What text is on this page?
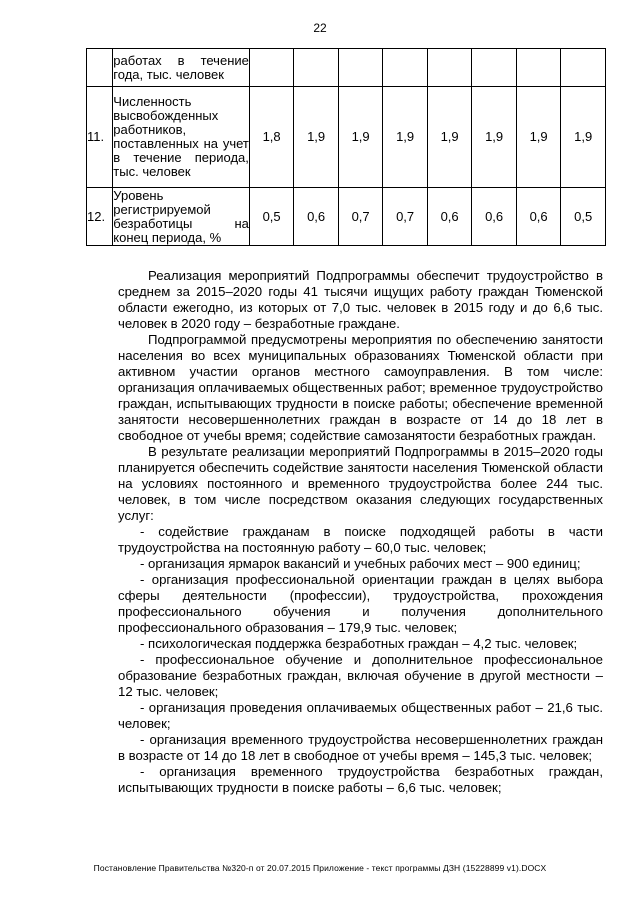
22

	работах в течение года, тыс. человек								

11.	Численность высвобожденных работников, поставленных на учет в течение периода, тыс. человек	1,8	1,9	1,9	1,9	1,9	1,9	1,9	1,9
12.	Уровень регистрируемой безработицы на конец периода, %	0,5	0,6	0,7	0,7	0,6	0,6	0,6	0,5

Реализация мероприятий Подпрограммы обеспечит трудоустройство в среднем за 2015–2020 годы 41 тысячи ищущих работу граждан Тюменской области ежегодно, из которых от 7,0 тыс. человек в 2015 году и до 6,6 тыс. человек в 2020 году – безработные граждане.

Подпрограммой предусмотрены мероприятия по обеспечению занятости населения во всех муниципальных образованиях Тюменской области при активном участии органов местного самоуправления. В том числе: организация оплачиваемых общественных работ; временное трудоустройство граждан, испытывающих трудности в поиске работы; обеспечение временной занятости несовершеннолетних граждан в возрасте от 14 до 18 лет в свободное от учебы время; содействие самозанятости безработных граждан.

В результате реализации мероприятий Подпрограммы в 2015–2020 годы планируется обеспечить содействие занятости населения Тюменской области на условиях постоянного и временного трудоустройства более 244 тыс. человек, в том числе посредством оказания следующих государственных услуг:

- содействие гражданам в поиске подходящей работы в части трудоустройства на постоянную работу – 60,0 тыс. человек;

- организация ярмарок вакансий и учебных рабочих мест – 900 единиц;

- организация профессиональной ориентации граждан в целях выбора сферы деятельности (профессии), трудоустройства, прохождения профессионального обучения и получения дополнительного профессионального образования – 179,9 тыс. человек;

- психологическая поддержка безработных граждан – 4,2 тыс. человек;

- профессиональное обучение и дополнительное профессиональное образование безработных граждан, включая обучение в другой местности – 12 тыс. человек;

- организация проведения оплачиваемых общественных работ – 21,6 тыс. человек;

- организация временного трудоустройства несовершеннолетних граждан в возрасте от 14 до 18 лет в свободное от учебы время – 145,3 тыс. человек;

- организация временного трудоустройства безработных граждан, испытывающих трудности в поиске работы – 6,6 тыс. человек;

Постановление Правительства №320-п от 20.07.2015 Приложение - текст программы ДЗН (15228899 v1).DOCX
